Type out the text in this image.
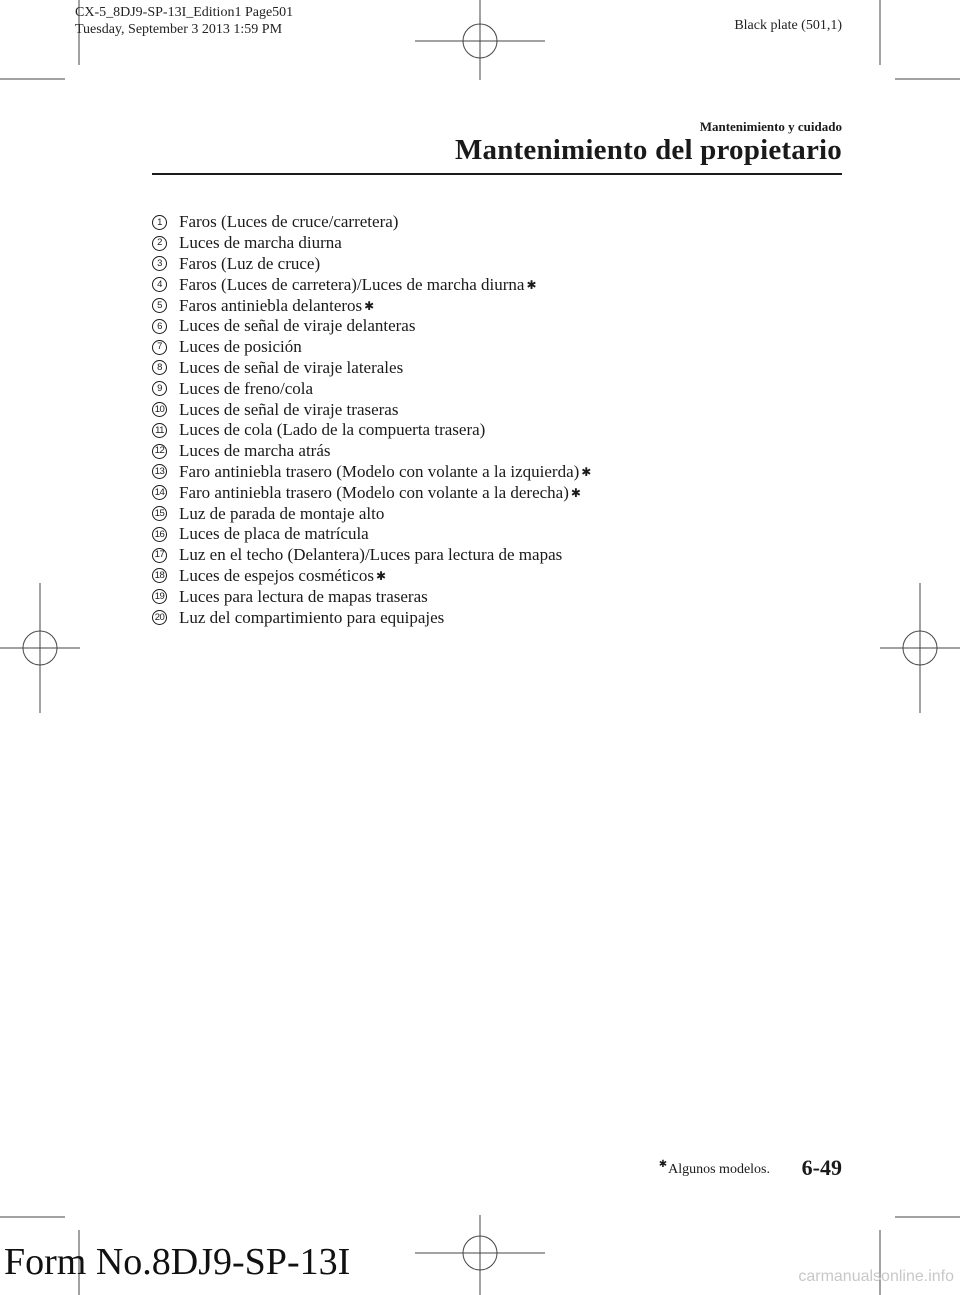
CX-5_8DJ9-SP-13I_Edition1 Page501
Tuesday, September 3 2013 1:59 PM	Black plate (501,1)
Mantenimiento y cuidado
Mantenimiento del propietario
1	Faros (Luces de cruce/carretera)
2	Luces de marcha diurna
3	Faros (Luz de cruce)
4	Faros (Luces de carretera)/Luces de marcha diurna ✱
5	Faros antiniebla delanteros ✱
6	Luces de señal de viraje delanteras
7	Luces de posición
8	Luces de señal de viraje laterales
9	Luces de freno/cola
10 Luces de señal de viraje traseras
11 Luces de cola (Lado de la compuerta trasera)
12 Luces de marcha atrás
13 Faro antiniebla trasero (Modelo con volante a la izquierda) ✱
14 Faro antiniebla trasero (Modelo con volante a la derecha) ✱
15 Luz de parada de montaje alto
16 Luces de placa de matrícula
17 Luz en el techo (Delantera)/Luces para lectura de mapas
18 Luces de espejos cosméticos ✱
19 Luces para lectura de mapas traseras
20 Luz del compartimiento para equipajes
✱Algunos modelos. 6-49
Form No.8DJ9-SP-13I	carmanualsonline.info
